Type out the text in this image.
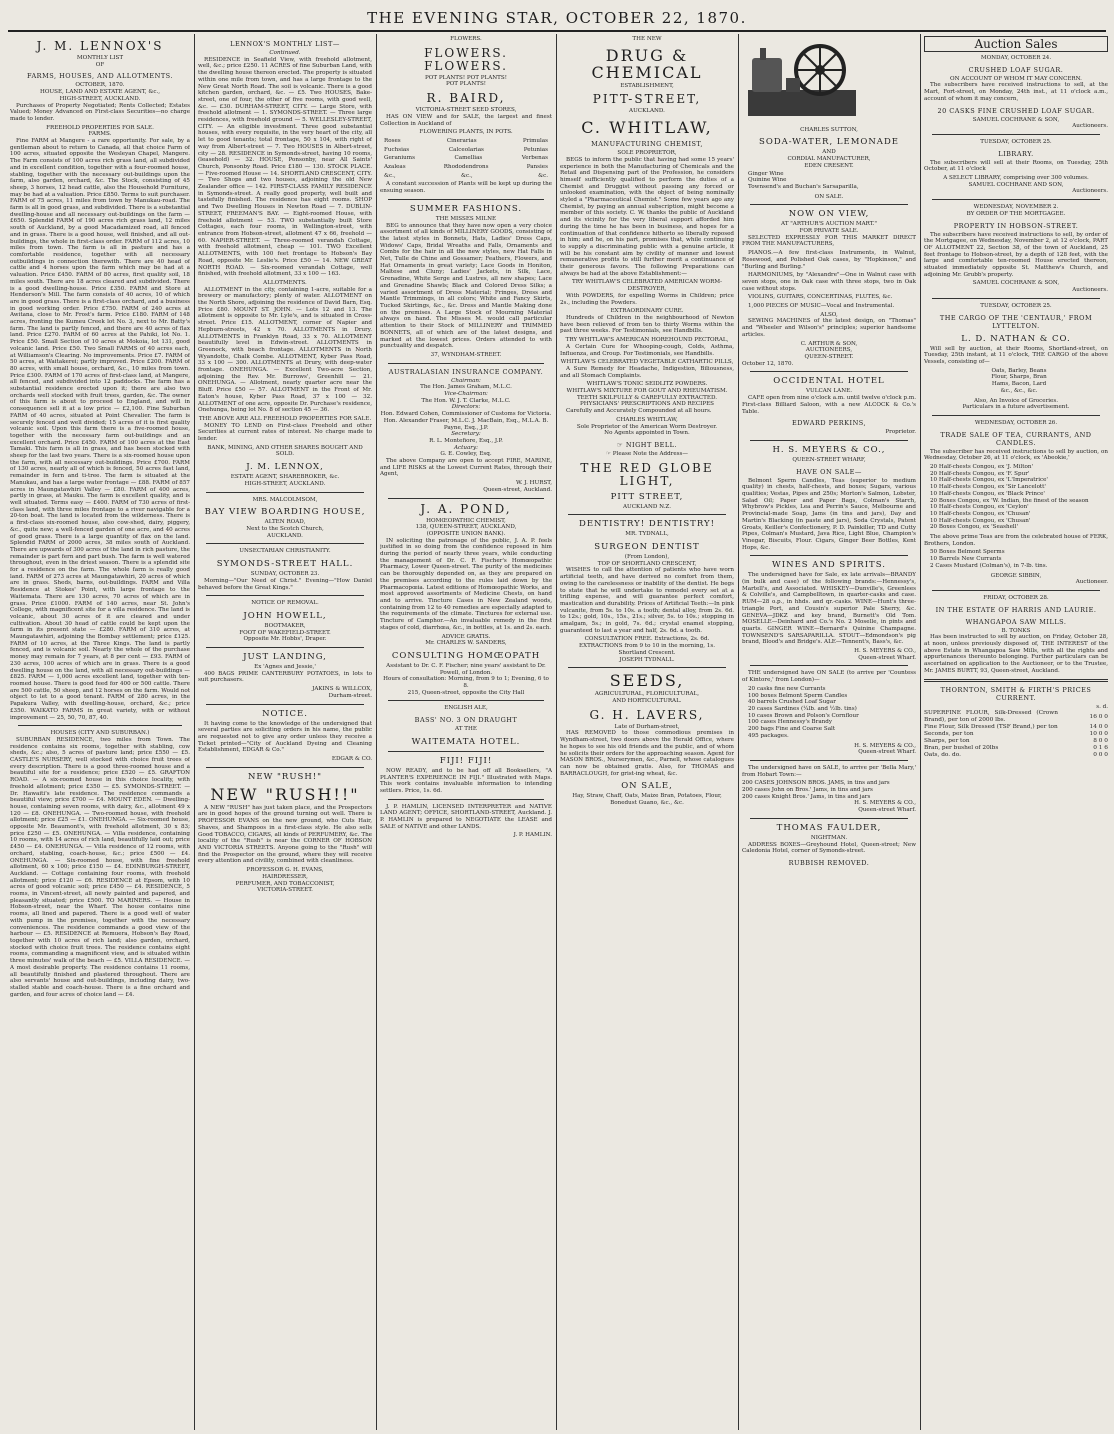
THE EVENING STAR, OCTOBER 22, 1870.
J. M. LENNOX'S
MONTHLY LIST
OF
FARMS, HOUSES, AND ALLOTMENTS.
OCTOBER, 1870.
HOUSE, LAND AND ESTATE AGENT, &c.,
HIGH-STREET, AUCKLAND.

Purchases of Property Negotiated; Rents Collected; Estates Valued; Money Advanced on First-class Securities—no charge made to lender.

FREEHOLD PROPERTIES FOR SALE.
FARMS.

Fine FARM at Mangere - a rare opportunity. For sale, by a gentleman about to return to Canada, all that choice Farm of 100 acres, situated opposite the Wesleyan Chapel, Mangere. The Farm consists of 100 acres rich grass land, all subdivided and in excellent condition, together with a four-roomed house, stabling, together with the necessary out-buildings upon the farm, also garden, orchard, &c. The Stock, consisting of 45 sheep, 3 horses, 12 head cattle, also the Household Furniture, may be had at a valuation. Price £850. Terms to suit purchaser. FARM of 75 acres, 11 miles from town by Manukau-road. The farm is all in good grass, and subdivided. There is a substantial dwelling-house and all necessary out-buildings on the farm — £650. Splendid FARM of 190 acres rich grass land, 12 miles south of Auckland, by a good Macadamized road, all fenced and in grass. There is a good house, well finished, and all out-buildings, the whole in first-class order. FARM of 112 acres, 10 miles from town. The farm is all in pasture and has a comfortable residence, together with all necessary outbuildings in connection therewith. There are 40 head of cattle and 4 horses upon the farm which may be had at a valuation. Price £450. FARM of 80 acres, first quality soil, 18 miles south. There are 18 acres cleared and subdivided. There is a good dwelling-house. Price £350. FARM and Store at Henderson's Mill. The farm consists of 40 acres, 10 of which are in good grass. There is a first-class orchard, and a business in good working order. Price £750. FARM of 240 acres at Awitana, close to Mr. Frost's farm. Price £180. FARM of 148 acres, fronting the Kumeu Creek lot No. 3, next to Mr. Batty's farm. The land is partly fenced, and there are 40 acres of flax land. Price £270. FARM of 60 acres at the Pahiki, lot No. 1. Price £50. Small Section of 10 acres at Mokoia, lot 131, good volcanic land. Price £50. Two Small FARMS of 40 acres each, at Williamson's Clearing. No improvements. Price £7. FARM of 50 acres, at Waitakerei; partly improved. Price £200. FARM of 80 acres, with small house, orchard, &c., 10 miles from town. Price £300. FARM of 170 acres of first-class land, at Mangere, all fenced, and subdivided into 12 paddocks. The farm has a substantial residence erected upon it; there are also two orchards well stocked with fruit trees, garden, &c. The owner of this farm is about to proceed to England, and will in consequence sell it at a low price — £2,100. Fine Suburban FARM of 40 acres, situated at Point Chevalier. The farm is securely fenced and well divided; 15 acres of it is first quality volcanic soil. Upon this farm there is a five-roomed house, together with the necessary farm out-buildings and an excellent orchard. Price £450. FARM of 100 acres at the East Tamaki. This farm is all in grass, and has been stocked with sheep for the last two years. There is a six-roomed house upon the farm, with all necessary out-buildings. Price £700. FARM of 130 acres, nearly all of which is fenced, 50 acres fast land, remainder in fern and ti-tree. The farm is situated at the Manukau, and has a large water frontage — £88. FARM of 857 acres in Maungatawhiri Valley — £80. FARM of 400 acres, partly in grass, at Mauku. The farm is excellent quality, and is well situated. Terms easy — £400. FARM of 730 acres of first-class land, with three miles frontage to a river navigable for a 20-ton boat. The land is located from the wilderness. There is a first-class six-roomed house, also cow-shed, dairy, piggery, &c., quite new; a well-fenced garden of one acre, and 40 acres of good grass. There is a large quantity of flax on the land. Splendid FARM of 2000 acres, 38 miles south of Auckland. There are upwards of 300 acres of the land in rich pasture, the remainder is part fern and part bush. The farm is well watered throughout, even in the driest season. There is a splendid site for a residence on the farm. The whole farm is really good land. FARM of 273 acres at Maungatawhiri, 20 acres of which are in grass. Sheds, barns, out-buildings. FARM and Villa Residence at Stokes' Point, with large frontage to the Waitemata. There are 130 acres, 70 acres of which are in grass. Price £1000. FARM of 140 acres, near St. John's College, with magnificent site for a villa residence. The land is volcanic, about 30 acres of it are cleared and under cultivation. About 30 head of cattle could be kept upon the farm in its present state — £280. FARM of 310 acres, at Maungatawhiri, adjoining the Bombay settlement; price £125. FARM of 10 acres, at the Three Kings. The land is partly fenced, and is volcanic soil. Nearly the whole of the purchase money may remain for 7 years, at 8 per cent — £93. FARM of 230 acres, 100 acres of which are in grass. There is a good dwelling house on the land, with all necessary out-buildings — £825. FARM — 1,000 acres excellent land, together with ten-roomed house. There is good feed for 400 or 500 cattle. There are 500 cattle, 50 sheep, and 12 horses on the farm. Would not object to let to a good tenant. FARM of 280 acres, in the Papakura Valley, with dwelling-house, orchard, &c.; price £350. WAIKATO FARMS in great variety, with or without improvement — 25, 50, 70, 87, 40.

HOUSES (CITY AND SUBURBAN.)

SUBURBAN RESIDENCE, two miles from Town. The residence contains six rooms, together with stabling, cow sheds, &c.; also, 5 acres of pasture land; price £550 — £5. CASTLE'S NURSERY, well stocked with choice fruit trees of every description. There is a good three-roomed house and a beautiful site for a residence; price £520 — £5. GRAFTON ROAD. — A six-roomed house in this choice locality, with freehold allotment; price £350 — £5. SYMONDS-STREET. — Dr. Hawaiti's late residence. The residence commands a beautiful view; price £700 — £4. MOUNT EDEN. — Dwelling-house, containing seven rooms, with dairy, &c., allotment 49 x 120 — £8. ONEHUNGA. — Two-roomed house, with freehold allotment; price £25 — £1. ONEHUNGA. — Six-roomed house, opposite Mr. Beaumont's, with freehold allotment, 30 x 83; price £250 — £5. ONEHUNGA. — Villa residence, containing 10 rooms, with 14 acres of rich land, beautifully laid out; price £450 — £4. ONEHUNGA. — Villa residence of 12 rooms, with orchard, stabling, coach-house, &c.; price £500 — £4. ONEHUNGA. — Six-roomed house, with fine freehold allotment, 60 x 100; price £150 — £4. EDINBURGH-STREET, Auckland. — Cottage containing four rooms, with freehold allotment; price £120 — £6. RESIDENCE at Epsom, with 10 acres of good volcanic soil; price £450 — £4. RESIDENCE, 5 rooms, in Vincent-street, all newly painted and papered, and pleasantly situated; price £500. TO MARINERS. — House in Hobson-street, near the Wharf. The house contains nine rooms, all lined and papered. There is a good well of water with pump in the premises, together with the necessary conveniences. The residence commands a good view of the harbour — £5. RESIDENCE at Remuera, Hobson's Bay Road, together with 10 acres of rich land; also garden, orchard, stocked with choice fruit trees. The residence contains eight rooms, commanding a magnificent view, and is situated within three minutes' walk of the beach — £5. VILLA RESIDENCE. — A most desirable property. The residence contains 11 rooms, all beautifully finished and plastered throughout. There are also servants' house and out-buildings, including dairy, two-stalled stable and coach-house. There is a fine orchard and garden, and four acres of choice land — £4.

LENNOX'S MONTHLY LIST—
Continued.

RESIDENCE in Seafield View, with freehold allotment, well, &c.; price £250. 11 ACRES of fine Suburban Land, with the dwelling house thereon erected. The property is situated within one mile from town, and has a large frontage to the New Great North Road. The soil is volcanic. There is a good kitchen garden, orchard, &c. — £5. Two HOUSES, Bake-street, one of four, the other of five rooms, with good well, &c. — £30. DURHAM-STREET, CITY. — Large Store, with freehold allotment — 1. SYMONDS-STREET. — Three large residences, with freehold ground — 5. WELLESLEY-STREET, CITY. — An eligible investment. Three good substantial houses, with every requisite, in the very heart of the city, all let to good tenants; total frontage, 50 x 104, with right of way from Albert-street — 7. Two HOUSES in Albert-street, city — 28. RESIDENCE in Symonds-street, having 10 rooms, (leasehold) — 32. HOUSE, Ponsonby, near All Saints' Church, Ponsonby Road. Price £180 — 130. STOCK PLACE. — Five-roomed House — 14. SHORTLAND CRESCENT, CITY. — Two Shops and two houses, adjoining the old New Zealander office — 142. FIRST-CLASS FAMILY RESIDENCE in Symonds-street. A really good property, well built and tastefully finished. The residence has eight rooms. SHOP and Two Dwelling Houses in Newton Road — 7. DUBLIN-STREET, FREEMAN'S BAY. — Eight-roomed House, with freehold allotment — 53. TWO substantially built Store Cottages, each four rooms, in Wellington-street, with entrance from Hobson-street, allotment 47 x 66, freehold — 60. NAPIER-STREET. — Three-roomed verandah Cottage, with freehold allotment, cheap — 101. TWO Excellent ALLOTMENTS, with 100 feet frontage to Hobson's Bay Road, opposite Mr. Leslie's. Price £50 — 14. NEW GREAT NORTH ROAD. — Six-roomed verandah Cottage, well finished, with freehold allotment, 33 x 100 — 163.

ALLOTMENTS.

ALLOTMENT in the city, containing 1-acre, suitable for a brewery or manufactory; plenty of water. ALLOTMENT on the North Shore, adjoining the residence of David Barn, Esq. Price £80. MOUNT ST. JOHN. — Lots 12 and 13. The allotment is opposite to Mr. Lyle's, and is situated in Cross-street. Price £15. ALLOTMENT, corner of Napier and Hepburn-streets, 42 x 70. ALLOTMENTS in Drury. ALLOTMENTS in Franklyn Road, 33 x 70. ALLOTMENT beautifully level in Edwin-street. ALLOTMENTS in Greenock, with beach frontage. ALLOTMENTS in North Wyandotte, Chalk Combe. ALLOTMENT, Kyber Pass Road, 33 x 100 — 300. ALLOTMENTS at Drury, with deep-water frontage. ONEHUNGA. — Excellent Two-acre Section, adjoining the Rev. Mr. Burrows', Greenhill — 21. ONEHUNGA. — Allotment, nearly quarter acre near the Bluff. Price £50 — 57. ALLOTMENT in the Front of Mr. Eaton's house, Kyber Pass Road, 37 x 100 — 32. ALLOTMENT of one acre, opposite Dr. Purchase's residence, Onehunga, being lot No. 8 of section 45 — 36.

THE ABOVE ARE ALL FREEHOLD PROPERTIES FOR SALE.

MONEY TO LEND on First-class Freehold and other Securities at current rates of interest. No charge made to lender.

BANK, MINING, AND OTHER SHARES BOUGHT AND SOLD.
J. M. LENNOX,
ESTATE AGENT, SHAREBROKER, &c.
HIGH-STREET, AUCKLAND.
MRS. MALCOLMSOM,
BAY VIEW BOARDING HOUSE,
ALTEN ROAD,
Next to the Scotch Church,
AUCKLAND.
UNSECTARIAN CHRISTIANITY.
SYMONDS-STREET HALL.
SUNDAY, OCTOBER 23.

Morning—"Our Need of Christ." Evening—"How Daniel behaved before the Great Kings."

NOTICE OF REMOVAL.
JOHN HOWELL,
BOOTMAKER,
FOOT OF WAKEFIELD-STREET.
Opposite Mr. Hobbs', Draper.
JUST LANDING,
Ex 'Agnes and Jessie,'

400 BAGS PRIME CANTERBURY POTATOES, in lots to suit purchasers.

JAKINS & WILLCOX,
Durham-street.
NOTICE.

It having come to the knowledge of the undersigned that several parties are soliciting orders in his name, the public are requested not to give any order unless they receive a Ticket printed—"City of Auckland Dyeing and Cleaning Establishment, EDGAR & Co."

EDGAR & CO.
NEW "RUSH!"
NEW "RUSH!!"

A NEW "RUSH" has just taken place, and the Prospectors are in good hopes of the ground turning out well. There is PROFESSOR EVANS on the new ground, who Cuts Hair, Shaves, and Shampoos in a first-class style. He also sells Good TOBACCO, CIGARS, all kinds of PERFUMERY, &c. The locality of the "Rush" is near the CORNER OF HOBSON AND VICTORIA STREETS. Anyone going to the "Rush" will find the Prospector on the ground, where they will receive every attention and civility, combined with cleanliness.

PROFESSOR G. H. EVANS,
HAIRDRESSER,
PERFUMER, AND TOBACCONIST,
VICTORIA-STREET.
FLOWERS.
FLOWERS. FLOWERS.
POT PLANTS! POT PLANTS!
POT PLANTS!
R. BAIRD,
VICTORIA-STREET SEED STORES,

HAS ON VIEW and for SALE, the largest and finest Collection in Auckland of

FLOWERING PLANTS, IN POTS.
Roses	Cinerarias	Primulas
Fuchsias	Calceolarias	Petunias
Geraniums	Camellias	Verbenas
Azaleas	Rhododendrons	Pansies
&c.,	&c.,	&c.

A constant succession of Plants will be kept up during the ensuing season.

SUMMER FASHIONS.
THE MISSES MILNE

BEG to announce that they have now open a very choice assortment of all kinds of MILLINERY GOODS, consisting of the latest styles in Bonnets, Hats, Ladies' Dress Caps, Widows' Caps, Bridal Wreaths and Falls, Ornaments and Combs for the hair in all the new styles, new Hat Falls in Net, Tulle de Chine and Gossamer; Feathers, Flowers, and Hat Ornaments in great variety; Lace Goods in Honiton, Maltese and Cluny; Ladies' Jackets, in Silk, Lace, Grenadine, White Serge and Lustres, all new shapes; Lace and Grenadine Shawls; Black and Colored Dress Silks; a varied assortment of Dress Material; Fringes, Dress and Mantle Trimmings, in all colors; White and Fancy Skirts, Tucked Skirtings, &c., &c. Dress and Mantle Making done on the premises. A Large Stock of Mourning Material always on hand. The Misses M. would call particular attention to their Stock of MILLINERY and TRIMMED BONNETS, all of which are of the latest designs, and marked at the lowest prices. Orders attended to with punctuality and despatch.

37, WYNDHAM-STREET.
AUSTRALASIAN INSURANCE COMPANY.
Chairman:
The Hon. James Graham, M.L.C.
Vice-Chairman:
The Hon. W. J. T. Clarke, M.L.C.
Directors:
Hon. Edward Cohen, Commissioner of Customs for Victoria. Hon. Alexander Fraser, M.L.C. J. MacBain, Esq., M.L.A. B. Payne, Esq., J.P.
Secretary:
R. L. Montefiore, Esq., J.P.
Actuary:
G. E. Cowley, Esq.

The above Company are open to accept FIRE, MARINE, and LIFE RISKS at the Lowest Current Rates, through their Agent,

W. J. HURST,
Queen-street, Auckland.
J. A. POND,
HOMŒOPATHIC CHEMIST,
138, QUEEN-STREET, AUCKLAND,
(OPPOSITE UNION BANK).

IN soliciting the patronage of the public, J. A. P. feels justified in so doing from the confidence reposed in him during the period of nearly three years, while conducting the management of Dr. C. F. Fischer's Homœopathic Pharmacy, Lower Queen-street. The purity of the medicines can be thoroughly depended on, as they are prepared on the premises according to the rules laid down by the Pharmacopœia. Latest editions of Homœopathic Works, and most approved assortments of Medicine Chests, on hand and to arrive. Tincture Cases in New Zealand woods, containing from 12 to 40 remedies are especially adapted to the requirements of the climate. Tinctures for external use. Tincture of Camphor.—An invaluable remedy in the first stages of cold, diarrhœa, &c., in bottles, at 1s. and 2s. each.

ADVICE GRATIS.
Mr. CHARLES W. SANDERS,
CONSULTING HOMŒOPATH
Assistant to Dr. C. F. Fischer; nine years' assistant to Dr. Powell, of London.
Hours of consultation: Morning, from 9 to 1; Evening, 6 to 8.
215, Queen-street, opposite the City Hall
ENGLISH ALE,
BASS' NO. 3 ON DRAUGHT
AT THE
WAITEMATA HOTEL.
FIJI! FIJI!

NOW READY, and to be had off all Booksellers, "A PLANTER'S EXPERIENCE IN FIJI." Illustrated with Maps. This work contains invaluable information to intending settlers. Price, 1s. 6d.

J. P. HAMLIN, LICENSED INTERPRETER and NATIVE LAND AGENT; OFFICE, SHORTLAND-STREET, Auckland. J. P. HAMLIN is prepared to NEGOTIATE the LEASE and SALE of NATIVE and other LANDS.

J. P. HAMLIN.
THE NEW
DRUG & CHEMICAL
ESTABLISHMENT,
PITT-STREET,
AUCKLAND.
C. WHITLAW,
MANUFACTURING CHEMIST,
SOLE PROPRIETOR,

BEGS to inform the public that having had some 15 years' experience in both the Manufacturing of Chemicals and the Retail and Dispensing part of the Profession, he considers himself sufficiently qualified to perform the duties of a Chemist and Druggist without passing any forced or unlooked examination, with the object of being nominally styled a "Pharmaceutical Chemist." Some few years ago any Chemist, by paying an annual subscription, might become a member of this society. C. W. thanks the public of Auckland and its vicinity for the very liberal support afforded him during the time he has been in business, and hopes for a continuation of that confidence hitherto so liberally reposed in him; and he, on his part, promises that, while continuing to supply a discriminating public with a genuine article, it will be his constant aim by civility of manner and lowest remunerative profits to still further merit a continuance of their generous favors. The following Preparations can always be had at the above Establishment:—

TRY WHITLAW'S CELEBRATED AMERICAN WORM-DESTROYER,

With POWDERS, for expelling Worms in Children; price 2s., including the Powders.

EXTRAORDINARY CURE.

Hundreds of Children in the neighbourhood of Newton have been relieved of from ten to thirty Worms within the past three weeks. For Testimonials, see Handbills.

TRY WHITLAW'S AMERICAN HOREHOUND PECTORAL,

A Certain Cure for Whooping-cough, Colds, Asthma, Influenza, and Croup. For Testimonials, see Handbills.

WHITLAW'S CELEBRATED VEGETABLE CATHARTIC PILLS,

A Sure Remedy for Headache, Indigestion, Biliousness, and all Stomach Complaints.

WHITLAW'S TONIC SEIDLITZ POWDERS.
WHITLAW'S MIXTURE FOR GOUT AND RHEUMATISM.
TEETH SKILFULLY & CAREFULLY EXTRACTED.
PHYSICIANS' PRESCRIPTIONS AND RECIPES

Carefully and Accurately Compounded at all hours.

CHARLES WHITLAW,
Sole Proprietor of the American Worm Destroyer.
No Agents appointed in Town.
☞ NIGHT BELL.
☞ Please Note the Address—
THE RED GLOBE LIGHT,
PITT STREET,
AUCKLAND N.Z.
DENTISTRY! DENTISTRY!
MR. TYDNALL,
SURGEON DENTIST
(From London),
TOP OF SHORTLAND CRESCENT,

WISHES to call the attention of patients who have worn artificial teeth, and have derived no comfort from them, owing to the carelessness or inability of the dentist. He begs to state that he will undertake to remodel every set at a trifling expense, and will guarantee perfect comfort, mastication and durability. Prices of Artificial Teeth:—In pink vulcanite, from 5s. to 10s. a tooth; dental alloy, from 2s. 6d. to 12s.; gold, 10s., 15s., 21s.; silver, 5s. to 10s.; stopping in amalgam, 5s.; in gold, 7s. 6d.; crystal enamel stopping, guaranteed to last a year and half, 2s. 6d. a tooth.

CONSULTATION FREE. Extractions, 2s. 6d.
EXTRACTIONS from 9 to 10 in the morning, 1s.
Shortland Crescent.
JOSEPH TYDNALL.
SEEDS,
AGRICULTURAL, FLORICULTURAL,
AND HORTICULTURAL.
G. H. LAVERS,
Late of Durham-street,

HAS REMOVED to those commodious premises in Wyndham-street, two doors above the Herald Office, where he hopes to see his old friends and the public, and of whom he solicits their orders for the approaching season. Agent for MASON BROS., Nurserymen, &c., Parnell, whose catalogues can now be obtained gratis. Also, for THOMAS and BARRACLOUGH, for grist-ing wheat, &c.

ON SALE,
Hay, Straw, Chaff, Oats, Maize Bran, Potatoes, Flour, Bonedust Guano, &c., &c.
CHARLES SUTTON,
SODA-WATER, LEMONADE
AND
CORDIAL MANUFACTURER,
EDEN CRESENT.
Ginger Wine
Quinine Wine
Townsend's and Buchan's Sarsaparilla,
ON SALE.
NOW ON VIEW,
AT "ARTHUR'S AUCTION MART."
FOR PRIVATE SALE.

SELECTED EXPRESSLY FOR THIS MARKET DIRECT FROM THE MANUFACTURERS,

PIANOS.—A few first-class Instruments, in Walnut, Rosewood, and Polished Oak cases, by "Hopkinson," and "Burling and Burling."

HARMONIUMS, by "Alexandre"—One in Walnut case with seven stops, one in Oak case with three stops, two in Oak case without stops.

VIOLINS, GUITARS, CONCERTINAS, FLUTES, &c.

1,000 PIECES OF MUSIC—Vocal and Instrumental.

ALSO,

SEWING MACHINES of the latest design, on "Thomas" and "Wheeler and Wilson's" principles; superior handsome articles.

C. ARTHUR & SON,
AUCTIONEERS,
QUEEN-STREET.
October 12, 1870.
OCCIDENTAL HOTEL
VULCAN LANE.

CAFE open from nine o'clock a.m. until twelve o'clock p.m. First-class Billiard Saloon, with a new ALCOCK & Co.'s Table.

EDWARD PERKINS,
Proprietor.
H. S. MEYERS & CO.,
QUEEN-STREET WHARF,
HAVE ON SALE—

Belmont Sperm Candles, Teas (superior to medium quality) in chests, half-chests, and boxes; Sugars, various qualities; Vestas, Pipes and 250s; Morton's Salmon, Lobster, Salad Oil; Paper and Paper Bags, Colman's Starch, Whybrow's Pickles, Lea and Perrin's Sauce, Melbourne and Provincial-made Soap, Jams (in tins and jars), Day and Martin's Blacking (in paste and jars), Soda Crystals, Patent Groats, Keiller's Confectionery, P. D. Painkiller, TD and Cutty Pipes, Colman's Mustard, Java Rice, Light Blue, Champion's Vinegar, Biscuits, Flour. Cigars, Ginger Beer Bottles, Kent Hops, &c.

WINES AND SPIRITS.

The undersigned have for Sale, ex late arrivals—BRANDY (in bulk and case) of the following brands:—Hennessy's, Martell's, and Associated. WHISKEY—Dunville's, Greenlees & Colville's, and Campbelltown, in quarter-casks and case. RUM—28 o.p., in hhds. and qr.-casks. WINE—Hunt's three-triangle Port, and Cousin's superior Pale Sherry, &c. GENEVA—JDKZ and key brand, Burnett's Old Tom. MOSELLE—Deinhard and Co.'s No. 2 Moselle, in pints and quarts. GINGER WINE—Bernard's Quinine Champagne. TOWNSEND'S SARSAPARILLA. STOUT—Edmondson's pig brand, Blood's and Bridge's. ALE—Tennent's, Bass's, &c.

H. S. MEYERS & CO.,
Queen-street Wharf.

THE undersigned have ON SALE (to arrive per 'Countess of Kintore,' from London)—

20 casks fine new Currants
100 boxes Belmont Sperm Candles
40 barrels Crushed Loaf Sugar
20 cases Sardines (¼lb. and ½lb. tins)
10 cases Brown and Polson's Cornflour
100 cases Hennessy's Brandy
200 bags Fine and Coarse Salt
495 packages.
H. S. MEYERS & CO.,
Queen-street Wharf.

The undersigned have on SALE, to arrive per 'Bella Mary,' from Hobart Town:—

200 CASES JOHNSON BROS. JAMS, in tins and jars
200 cases John on Bros.' Jams, in tins and jars
200 cases Knight Bros.' Jams, in tins and jars
H. S. MEYERS & CO.,
Queen-street Wharf.
THOMAS FAULDER,
NIGHTMAN.

ADDRESS BOXES—Greyhound Hotel, Queen-street; New Caledonia Hotel, corner of Symonds-street.

RUBBISH REMOVED.
Auction Sales
MONDAY, OCTOBER 24.
CRUSHED LOAF SUGAR.
ON ACCOUNT OF WHOM IT MAY CONCERN.

The subscribers have received instructions to sell, at the Mart, Fort-street, on Monday, 24th inst., at 11 o'clock a.m., account of whom it may concern,

20 CASKS FINE CRUSHED LOAF SUGAR.
SAMUEL COCHRANE & SON,
Auctioneers.
TUESDAY, OCTOBER 25.
LIBRARY.

The subscribers will sell at their Rooms, on Tuesday, 25th October, at 11 o'clock

A SELECT LIBRARY, comprising over 300 volumes.
SAMUEL COCHRANE AND SON,
Auctioneers.
WEDNESDAY, NOVEMBER 2.
BY ORDER OF THE MORTGAGEE.
PROPERTY IN HOBSON-STREET.

The subscribers have received instructions to sell, by order of the Mortgagee, on Wednesday, November 2, at 12 o'clock, PART OF ALLOTMENT 22, Section 38, of the town of Auckland, 25 feet frontage to Hobson-street, by a depth of 128 feet, with the large and comfortable ten-roomed House erected thereon, situated immediately opposite St. Matthew's Church, and adjoining Mr. Grubb's property.

SAMUEL COCHRANE & SON,
Auctioneers.
TUESDAY, OCTOBER 25.
THE CARGO OF THE 'CENTAUR,' FROM LYTTELTON.
L. D. NATHAN & CO.

Will sell by auction, at their Rooms, Shortland-street, on Tuesday, 25th instant, at 11 o'clock, THE CARGO of the above Vessels, consisting of—

Oats, Barley, Beans
Flour, Sharps, Bran
Hams, Bacon, Lard
&c., &c., &c.
Also, An Invoice of Groceries.
Particulars in a future advertisement.
WEDNESDAY, OCTOBER 26.
TRADE SALE OF TEA, CURRANTS, AND CANDLES.

The subscriber has received instructions to sell by auction, on Wednesday, October 26, at 11 o'clock, ex 'Abeokie,'

20 Half-chests Congou, ex 'J. Milton'
20 Half-chests Congou, ex 'F. Spur'
10 Half-chests Congou, ex 'L'Imperatrice'
10 Half-chests Congou, ex 'Sir Lancelott'
10 Half-chests Congou, ex 'Black Prince'
20 Boxes Congou, ex 'W. Indian, the finest of the season
10 Half-chests Congou, ex 'Ceylon'
10 Half-chests Congou, ex 'Chusan'
10 Half-chests Congou, ex 'Chusan'
20 Boxes Congou, ex 'Seashell'

The above prime Teas are from the celebrated house of FERK, Brothers, London.

50 Boxes Belmont Sperms
10 Barrels New Currants
2 Cases Mustard (Colman's), in 7-lb. tins.
GEORGE SIBBIN,
Auctioneer.
FRIDAY, OCTOBER 28.
IN THE ESTATE OF HARRIS AND LAURIE.
WHANGAPOA SAW MILLS.
B. TONKS

Has been instructed to sell by auction, on Friday, October 28, at noon, unless previously disposed of, THE INTEREST of the above Estate in Whangapoa Saw Mills, with all the rights and appurtenances thereunto belonging. Further particulars can be ascertained on application to the Auctioneer, or to the Trustee, Mr. JAMES BURTT, 93, Queen-street, Auckland.

THORNTON, SMITH & FIRTH'S PRICES CURRENT.
s. d.
SUPERFINE FLOUR, Silk-Dressed (Crown Brand), per ton of 2000 lbs.	16 0 0
Fine Flour, Silk Dressed (TSF Brand,) per ton	14 0 0
Seconds, per ton	10 0 0
Sharps, per ton	8 0 0
Bran, per bushel of 20lbs	0 1 6
Oats, do. do.	0 0 0
